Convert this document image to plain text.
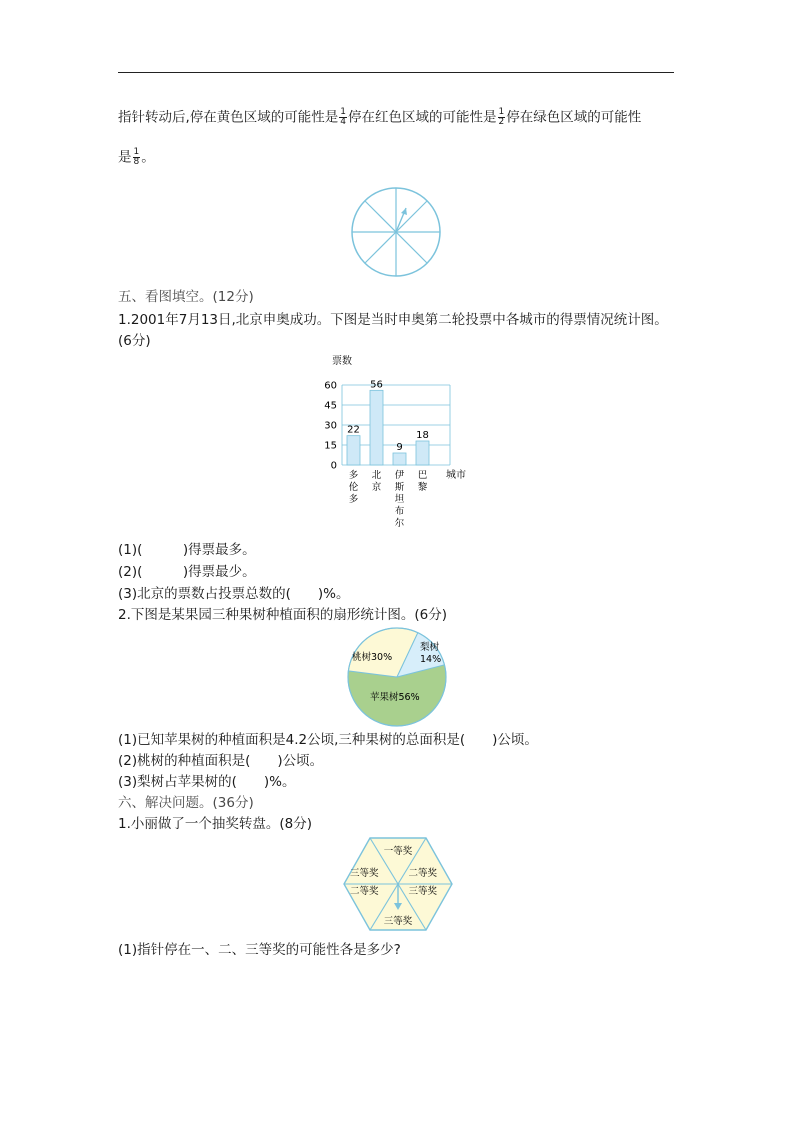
指针转动后,停在黄色区域的可能性是 $\frac{1}{4}$ 停在红色区域的可能性是 $\frac{1}{2}$ 停在绿色区域的可能性
是 $\frac{1}{8}$ 。
五、看图填空。(12分)
1.2001年7月13日,北京申奥成功。下图是当时申奥第二轮投票中各城市的得票情况统计图。
(6分)
票数
0
15
30
45
60
22
56
9
18
多伦多
北京
伊斯坦布尔
巴黎
城市
(1)(　　　)得票最多。
(2)(　　　)得票最少。
(3)北京的票数占投票总数的(　　)%。
2.下图是某果园三种果树种植面积的扇形统计图。(6分)
桃树30%
梨树
14%
苹果树56%
(1)已知苹果树的种植面积是4.2公顷,三种果树的总面积是(　　)公顷。
(2)桃树的种植面积是(　　)公顷。
(3)梨树占苹果树的(　　)%。
六、解决问题。(36分)
1.小丽做了一个抽奖转盘。(8分)
一等奖
二等奖
三等奖
三等奖
二等奖
三等奖
(1)指针停在一、二、三等奖的可能性各是多少?
